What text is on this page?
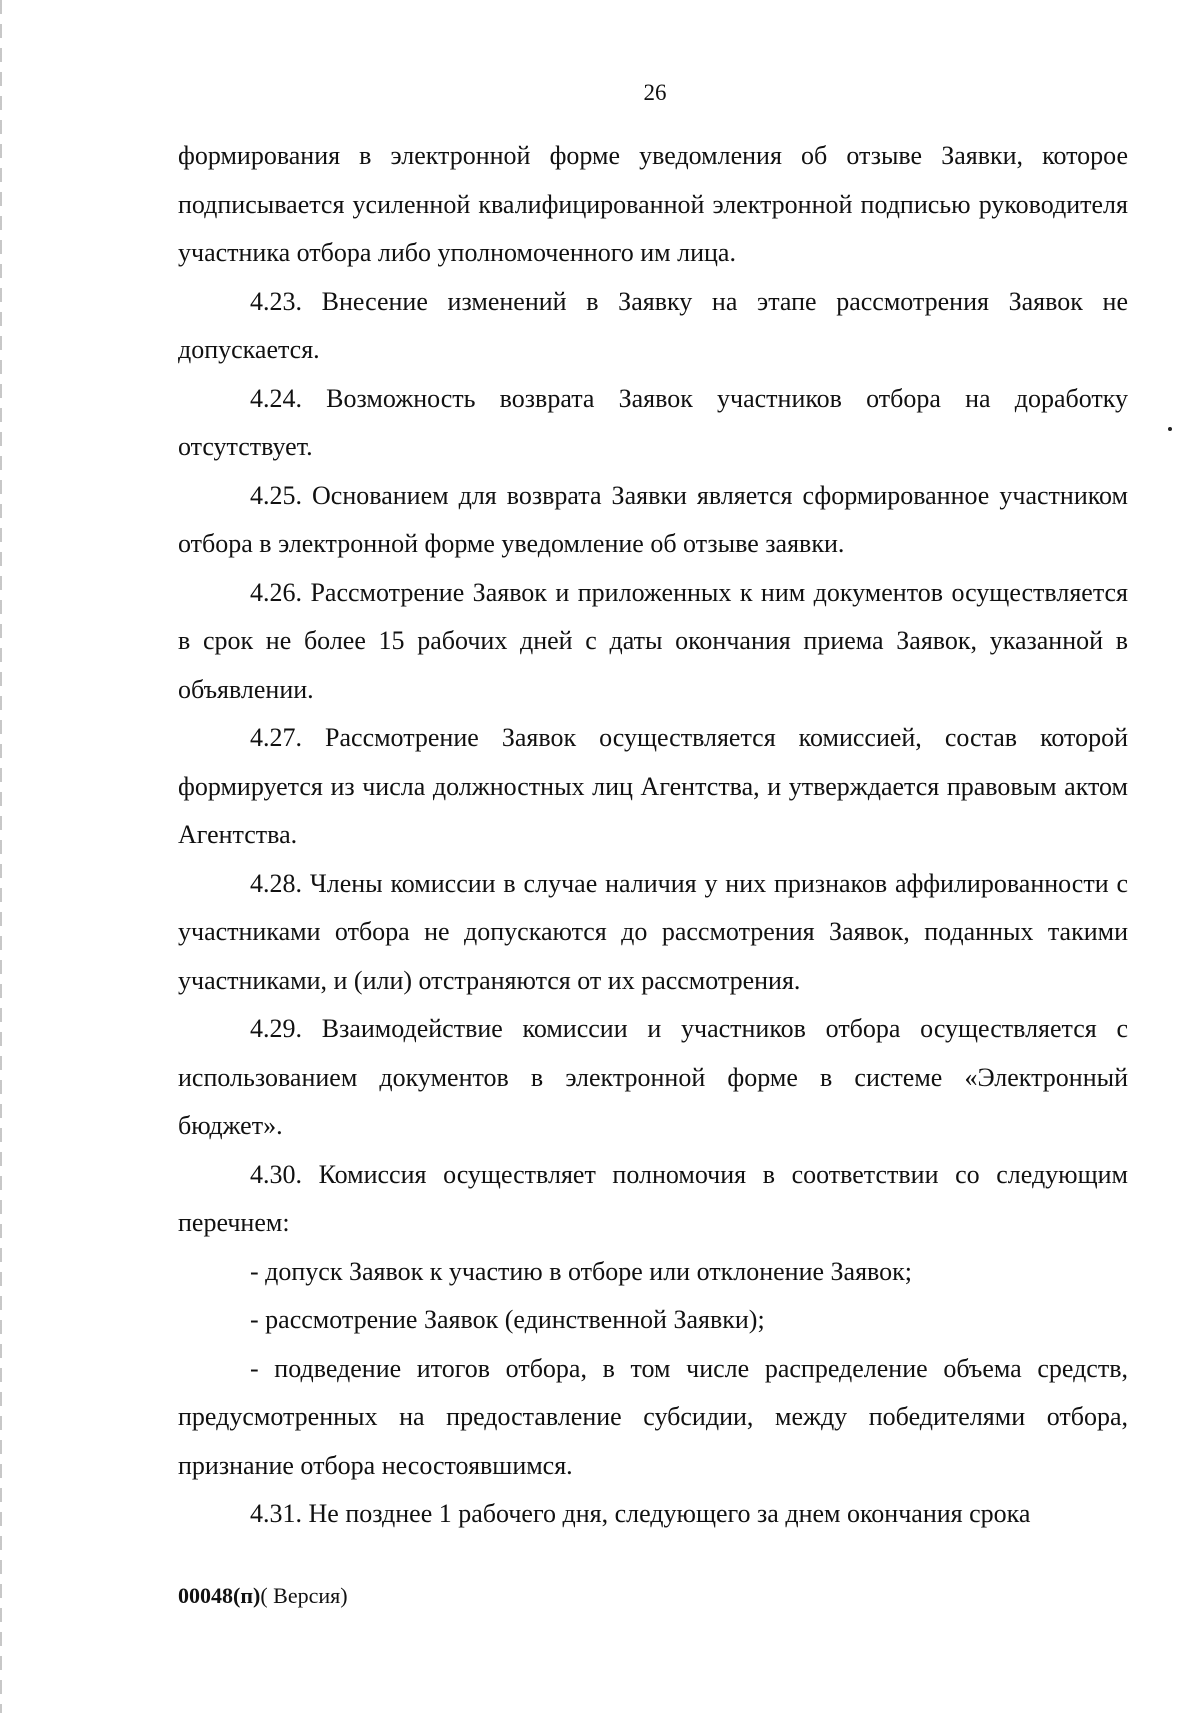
26

формирования в электронной форме уведомления об отзыве Заявки, которое подписывается усиленной квалифицированной электронной подписью руководителя участника отбора либо уполномоченного им лица.

4.23. Внесение изменений в Заявку на этапе рассмотрения Заявок не допускается.

4.24. Возможность возврата Заявок участников отбора на доработку отсутствует.

4.25. Основанием для возврата Заявки является сформированное участником отбора в электронной форме уведомление об отзыве заявки.

4.26. Рассмотрение Заявок и приложенных к ним документов осуществляется в срок не более 15 рабочих дней с даты окончания приема Заявок, указанной в объявлении.

4.27. Рассмотрение Заявок осуществляется комиссией, состав которой формируется из числа должностных лиц Агентства, и утверждается правовым актом Агентства.

4.28. Члены комиссии в случае наличия у них признаков аффилированности с участниками отбора не допускаются до рассмотрения Заявок, поданных такими участниками, и (или) отстраняются от их рассмотрения.

4.29. Взаимодействие комиссии и участников отбора осуществляется с использованием документов в электронной форме в системе «Электронный бюджет».

4.30. Комиссия осуществляет полномочия в соответствии со следующим перечнем:

- допуск Заявок к участию в отборе или отклонение Заявок;

- рассмотрение Заявок (единственной Заявки);

- подведение итогов отбора, в том числе распределение объема средств, предусмотренных на предоставление субсидии, между победителями отбора, признание отбора несостоявшимся.

4.31. Не позднее 1 рабочего дня, следующего за днем окончания срока

00048(п)( Версия)
